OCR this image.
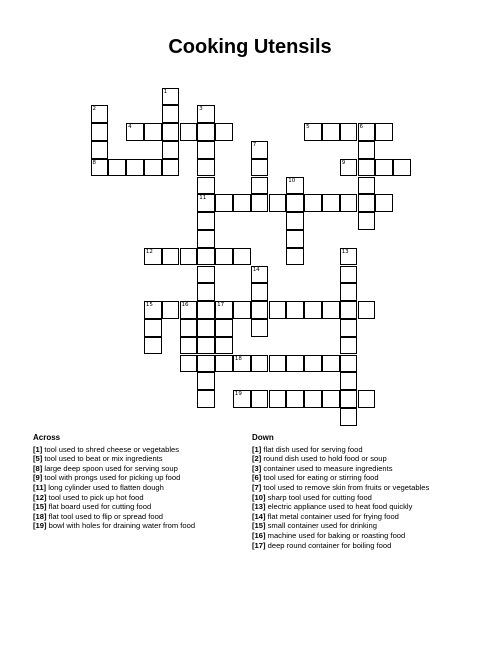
Cooking Utensils
1
2	3
4	5	6
8
7
9
11
10
12	13
14
15	16	17
18
19
Across
[1] tool used to shred cheese or vegetables
[5] tool used to beat or mix ingredients
[8] large deep spoon used for serving soup
[9] tool with prongs used for picking up food
[11] long cylinder used to flatten dough
[12] tool used to pick up hot food
[15] flat board used for cutting food
[18] flat tool used to flip or spread food
[19] bowl with holes for draining water from food
Down
[1] flat dish used for serving food
[2] round dish used to hold food or soup
[3] container used to measure ingredients
[6] tool used for eating or stirring food
[7] tool used to remove skin from fruits or vegetables
[10] sharp tool used for cutting food
[13] electric appliance used to heat food quickly
[14] flat metal container used for frying food
[15] small container used for drinking
[16] machine used for baking or roasting food
[17] deep round container for boiling food
